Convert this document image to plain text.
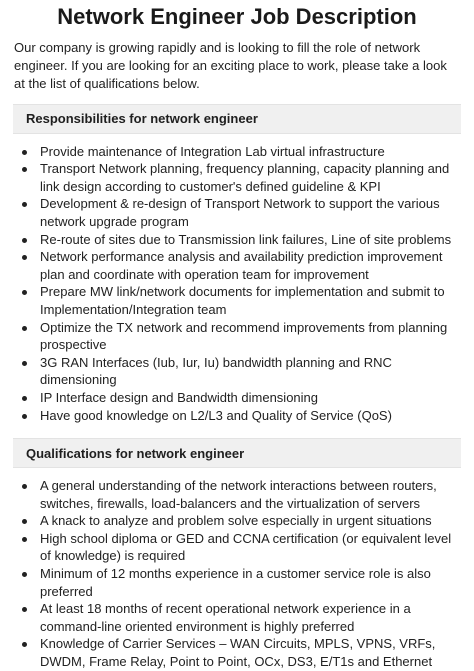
Network Engineer Job Description

Our company is growing rapidly and is looking to fill the role of network engineer. If you are looking for an exciting place to work, please take a look at the list of qualifications below.

Responsibilities for network engineer
Provide maintenance of Integration Lab virtual infrastructure
Transport Network planning, frequency planning, capacity planning and link design according to customer's defined guideline & KPI
Development & re-design of Transport Network to support the various network upgrade program
Re-route of sites due to Transmission link failures, Line of site problems
Network performance analysis and availability prediction improvement plan and coordinate with operation team for improvement
Prepare MW link/network documents for implementation and submit to Implementation/Integration team
Optimize the TX network and recommend improvements from planning prospective
3G RAN Interfaces (Iub, Iur, Iu) bandwidth planning and RNC dimensioning
IP Interface design and Bandwidth dimensioning
Have good knowledge on L2/L3 and Quality of Service (QoS)
Qualifications for network engineer
A general understanding of the network interactions between routers, switches, firewalls, load-balancers and the virtualization of servers
A knack to analyze and problem solve especially in urgent situations
High school diploma or GED and CCNA certification (or equivalent level of knowledge) is required
Minimum of 12 months experience in a customer service role is also preferred
At least 18 months of recent operational network experience in a command-line oriented environment is highly preferred
Knowledge of Carrier Services – WAN Circuits, MPLS, VPNS, VRFs, DWDM, Frame Relay, Point to Point, OCx, DS3, E/T1s and Ethernet
